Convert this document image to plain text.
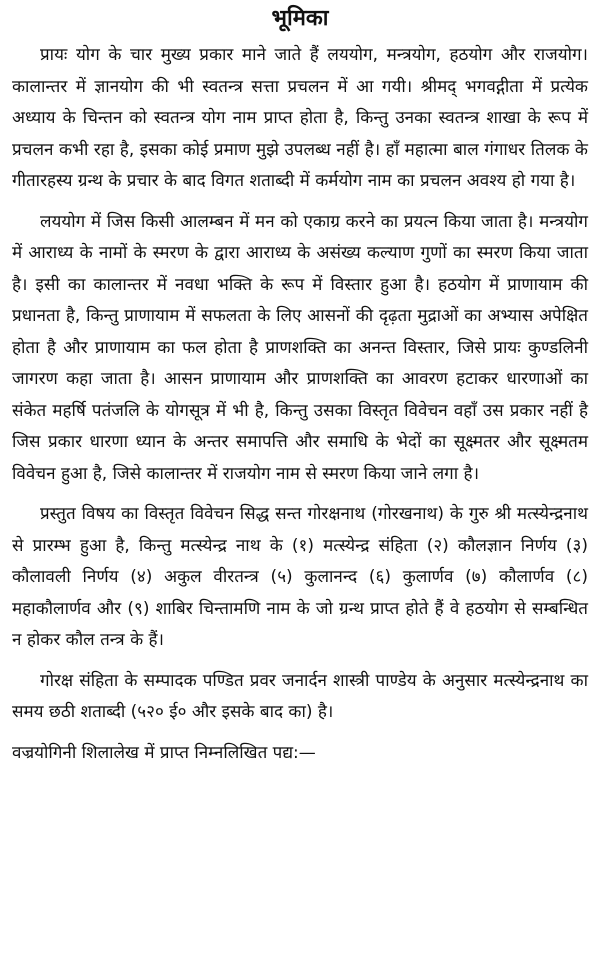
भूमिका

प्रायः योग के चार मुख्य प्रकार माने जाते हैं लययोग, मन्त्रयोग, हठयोग और राजयोग। कालान्तर में ज्ञानयोग की भी स्वतन्त्र सत्ता प्रचलन में आ गयी। श्रीमद् भगवद्गीता में प्रत्येक अध्याय के चिन्तन को स्वतन्त्र योग नाम प्राप्त होता है, किन्तु उनका स्वतन्त्र शाखा के रूप में प्रचलन कभी रहा है, इसका कोई प्रमाण मुझे उपलब्ध नहीं है। हाँ महात्मा बाल गंगाधर तिलक के गीतारहस्य ग्रन्थ के प्रचार के बाद विगत शताब्दी में कर्मयोग नाम का प्रचलन अवश्य हो गया है।

लययोग में जिस किसी आलम्बन में मन को एकाग्र करने का प्रयत्न किया जाता है। मन्त्रयोग में आराध्य के नामों के स्मरण के द्वारा आराध्य के असंख्य कल्याण गुणों का स्मरण किया जाता है। इसी का कालान्तर में नवधा भक्ति के रूप में विस्तार हुआ है। हठयोग में प्राणायाम की प्रधानता है, किन्तु प्राणायाम में सफलता के लिए आसनों की दृढ़ता मुद्राओं का अभ्यास अपेक्षित होता है और प्राणायाम का फल होता है प्राणशक्ति का अनन्त विस्तार, जिसे प्रायः कुण्डलिनी जागरण कहा जाता है। आसन प्राणायाम और प्राणशक्ति का आवरण हटाकर धारणाओं का संकेत महर्षि पतंजलि के योगसूत्र में भी है, किन्तु उसका विस्तृत विवेचन वहाँ उस प्रकार नहीं है जिस प्रकार धारणा ध्यान के अन्तर समापत्ति और समाधि के भेदों का सूक्ष्मतर और सूक्ष्मतम विवेचन हुआ है, जिसे कालान्तर में राजयोग नाम से स्मरण किया जाने लगा है।

प्रस्तुत विषय का विस्तृत विवेचन सिद्ध सन्त गोरक्षनाथ (गोरखनाथ) के गुरु श्री मत्स्येन्द्रनाथ से प्रारम्भ हुआ है, किन्तु मत्स्येन्द्र नाथ के (१) मत्स्येन्द्र संहिता (२) कौलज्ञान निर्णय (३) कौलावली निर्णय (४) अकुल वीरतन्त्र (५) कुलानन्द (६) कुलार्णव (७) कौलार्णव (८) महाकौलार्णव और (९) शाबिर चिन्तामणि नाम के जो ग्रन्थ प्राप्त होते हैं वे हठयोग से सम्बन्धित न होकर कौल तन्त्र के हैं।

गोरक्ष संहिता के सम्पादक पण्डित प्रवर जनार्दन शास्त्री पाण्डेय के अनुसार मत्स्येन्द्रनाथ का समय छठी शताब्दी (५२० ई० और इसके बाद का) है।

वज्रयोगिनी शिलालेख में प्राप्त निम्नलिखित पद्य:—
